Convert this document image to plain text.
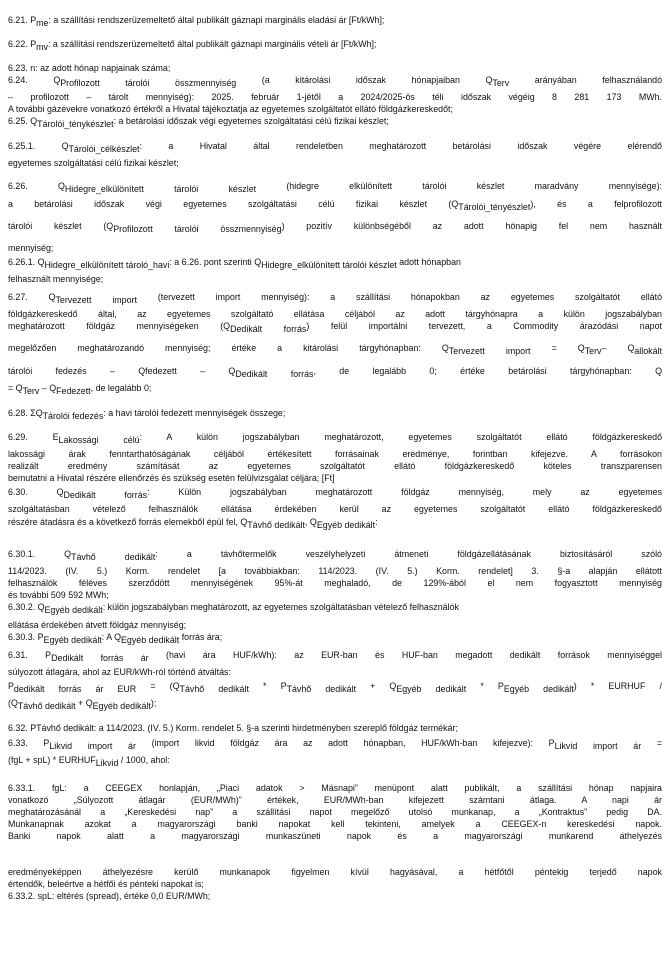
6.21. $P_{me}$: a szállítási rendszerüzemeltető által publikált gáznapi marginális eladási ár [Ft/kWh];
6.22. $P_{mv}$: a szállítási rendszerüzemeltető által publikált gáznapi marginális vételi ár [Ft/kWh];
6.23. n: az adott hónap napjainak száma;
6.24. $Q_{Profilozott tárolói összmennyiség}$ (a kitárolási időszak hónapjaiban $Q_{Terv}$ arányában felhasználandó
– profilozott – tárolt mennyiség): 2025. február 1-jétől a 2024/2025-ös téli időszak végéig 8 281 173 MWh.
A további gázévekre vonatkozó értékről a Hivatal tájékoztatja az egyetemes szolgáltatót ellátó földgázkereskedőt;
6.25. $Q_{Tárolói\_ténykészlet}$: a betárolási időszak végi egyetemes szolgáltatási célú fizikai készlet;
6.25.1. $Q_{Tárolói\_célkészlet}$: a Hivatal által rendeletben meghatározott betárolási időszak végére elérendő
egyetemes szolgáltatási célú fizikai készlet;
6.26. $Q_{Hidegre\_elkülönített tárolói készlet}$ (hidegre elkülönített tárolói készlet maradvány mennyisége):
a betárolási időszak végi egyetemes szolgáltatási célú fizikai készlet $(Q_{Tárolói\_tényészlet})$, és a felprofilozott
tárolói készlet $(Q_{Profilozott tárolói összmennyiség})$ pozitív különbségéből az adott hónapig fel nem használt
mennyiség;
6.26.1. $Q_{Hidegre\_elkülönített tároló\_havi}$: a 6.26. pont szerinti $Q_{Hidegre\_elkülönített tárolói készlet}$ adott hónapban
felhasznált mennyisége;
6.27. $Q_{Tervezett import}$ (tervezett import mennyiség): a szállítási hónapokban az egyetemes szolgáltatót ellátó
földgázkereskedő által, az egyetemes szolgáltató ellátása céljából az adott tárgyhónapra a külön jogszabályban
meghatározott földgáz mennyiségeken $(Q_{Dedikált forrás})$ felül importálni tervezett, a Commodity árazódási napot
megelőzően meghatározandó mennyiség; értéke a kitárolási tárgyhónapban: $Q_{Tervezett import} = Q_{Terv}-$ $Q_{allokált}$
tárolói fedezés – Qfedezett – $Q_{Dedikált forrás}$, de legalább 0; értéke betárolási tárgyhónapban: Q
= $Q_{Terv} - Q_{Fedezett}$, de legalább 0;
6.28. $\Sigma Q_{Tárolói fedezés}$: a havi tárolói fedezett mennyiségek összege;
6.29. $E_{Lakossági célú}$: A külön jogszabályban meghatározott, egyetemes szolgáltatót ellátó földgázkereskedő
lakossági árak fenntarthatóságának céljából értékesített forrásainak eredménye, forintban kifejezve. A forrásokon
realizált eredmény számítását az egyetemes szolgáltatót ellátó földgázkereskedő köteles transzparensen
bemutatni a Hivatal részére ellenőrzés és szükség esetén felülvizsgálat céljára; [Ft]
6.30. $Q_{Dedikált forrás}$: Külön jogszabályban meghatározott földgáz mennyiség, mely az egyetemes
szolgáltatásban vételező felhasználók ellátása érdekében kerül az egyetemes szolgáltatót ellátó földgázkereskedő
részére átadásra és a következő forrás elemekből épül fel, $Q_{Távhő dedikált}$, $Q_{Egyéb dedikált}$:
6.30.1. $Q_{Távhő dedikált}$: a távhőtermelők veszélyhelyzeti átmeneti földgázellátásának biztosításáról szóló
114/2023. (IV. 5.) Korm. rendelet [a továbbiakban: 114/2023. (IV. 5.) Korm. rendelet] 3. §-a alapján ellátott
felhasználók féléves szerződött mennyiségének 95%-át meghaladó, de 129%-ából el nem fogyasztott mennyiség
és további 509 592 MWh;
6.30.2. $Q_{Egyéb dedikált}$: külön jogszabályban meghatározott, az egyetemes szolgáltatásban vételező felhasználók
ellátása érdekében átvett földgáz mennyiség;
6.30.3. $P_{Egyéb dedikált}$: A $Q_{Egyéb dedikált}$ forrás ára;
6.31. $P_{Dedikált forrás ár}$ (havi ára HUF/kWh): az EUR-ban és HUF-ban megadott dedikált források mennyiséggel
súlyozott átlagára, ahol az EUR/kWh-ról történő átváltás:
$P_{dedikált forrás ár EUR} = (Q_{Távhő dedikált} * P_{Távhő dedikált} + Q_{Egyéb dedikált} * P_{Egyéb dedikált})$ * EURHUF /
$(Q_{Távhő dedikált} + Q_{Egyéb dedikált})$;
6.32. PTávhő dedikált: a 114/2023. (IV. 5.) Korm. rendelet 5. §-a szerinti hirdetményben szereplő földgáz termékár;
6.33. $P_{Likvid import ár}$ (import likvid földgáz ára az adott hónapban, HUF/kWh-ban kifejezve): $P_{Likvid import ár}$ =
$(fgL + spL) * EURHUF_{Likvid} / 1000$, ahol:
6.33.1. fgL: a CEEGEX honlapján, „Piaci adatok > Másnapi” menüpont alatt publikált, a szállítási hónap napjaira
vonatkozó „Súlyozott átlagár (EUR/MWh)” értékek, EUR/MWh-ban kifejezett számtani átlaga. A napi ár
meghatározásánál a „Kereskedési nap” a szállítási napot megelőző utolsó munkanap, a „Kontraktus” pedig DA.
Munkanapnak azokat a magyarországi banki napokat kell tekinteni, amelyek a CEEGEX-n kereskedési napok.
Banki napok alatt a magyarországi munkaszüneti napok és a magyarországi munkarend áthelyezés
eredményeképpen áthelyezésre kerülő munkanapok figyelmen kívül hagyásával, a hétfőtől péntekig terjedő napok
értendők, beleértve a hétfői és pénteki napokat is;
6.33.2. spL: eltérés (spread), értéke 0,0 EUR/MWh;
